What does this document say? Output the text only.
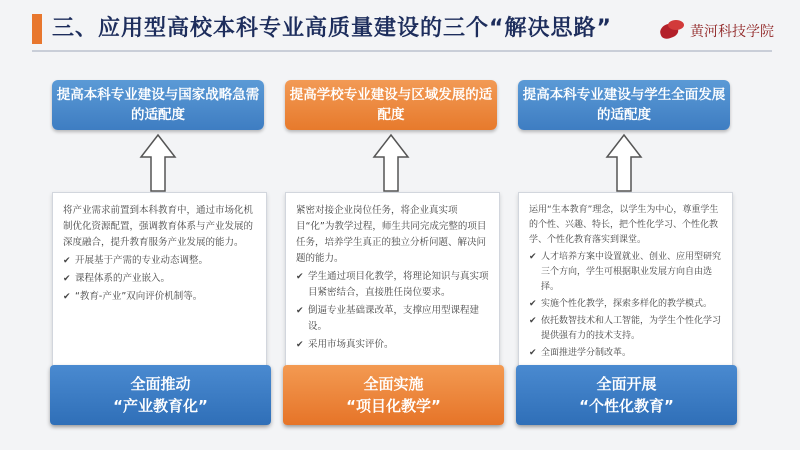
三、应用型高校本科专业高质量建设的三个“解决思路”	黄河科技学院
提高本科专业建设与国家战略急需的适配度

将产业需求前置到本科教育中，通过市场化机制优化资源配置，强调教育体系与产业发展的深度融合，提升教育服务产业发展的能力。

✔ 开展基于产需的专业动态调整。
✔ 课程体系的产业嵌入。
✔ “教育-产业”双向评价机制等。
全面推动
“产业教育化”
提高学校专业建设与区域发展的适配度

紧密对接企业岗位任务，将企业真实项目“化”为教学过程，师生共同完成完整的项目任务，培养学生真正的独立分析问题、解决问题的能力。

✔ 学生通过项目化教学，将理论知识与真实项目紧密结合，直接胜任岗位要求。
✔ 倒逼专业基础课改革，支撑应用型课程建设。
✔ 采用市场真实评价。
全面实施
“项目化教学”
提高本科专业建设与学生全面发展的适配度

运用“生本教育”理念，以学生为中心，尊重学生的个性、兴趣、特长，把个性化学习、个性化教学、个性化教育落实到课堂。

✔ 人才培养方案中设置就业、创业、应用型研究三个方向，学生可根据职业发展方向自由选择。
✔ 实施个性化教学，探索多样化的教学模式。
✔ 依托数智技术和人工智能，为学生个性化学习提供强有力的技术支持。
✔ 全面推进学分制改革。
全面开展
“个性化教育”
